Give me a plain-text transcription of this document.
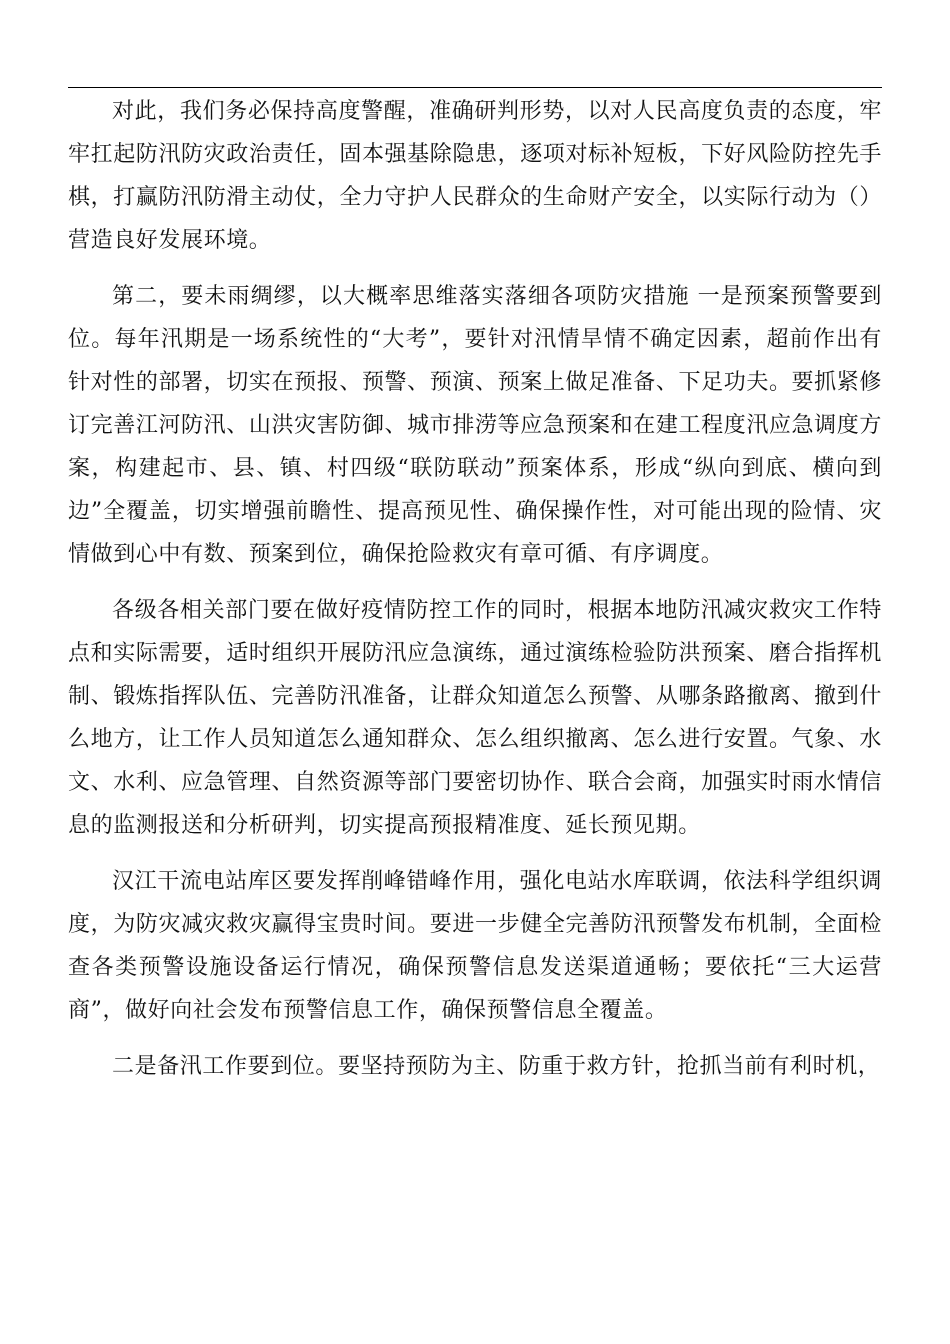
对此，我们务必保持高度警醒，准确研判形势，以对人民高度负责的态度，牢牢扛起防汛防灾政治责任，固本强基除隐患，逐项对标补短板，下好风险防控先手棋，打赢防汛防滑主动仗，全力守护人民群众的生命财产安全，以实际行动为（）营造良好发展环境。

第二，要未雨绸缪，以大概率思维落实落细各项防灾措施 一是预案预警要到位。每年汛期是一场系统性的“大考”，要针对汛情旱情不确定因素，超前作出有针对性的部署，切实在预报、预警、预演、预案上做足准备、下足功夫。要抓紧修订完善江河防汛、山洪灾害防御、城市排涝等应急预案和在建工程度汛应急调度方案，构建起市、县、镇、村四级“联防联动”预案体系，形成“纵向到底、横向到边”全覆盖，切实增强前瞻性、提高预见性、确保操作性，对可能出现的险情、灾情做到心中有数、预案到位，确保抢险救灾有章可循、有序调度。

各级各相关部门要在做好疫情防控工作的同时，根据本地防汛减灾救灾工作特点和实际需要，适时组织开展防汛应急演练，通过演练检验防洪预案、磨合指挥机制、锻炼指挥队伍、完善防汛准备，让群众知道怎么预警、从哪条路撤离、撤到什么地方，让工作人员知道怎么通知群众、怎么组织撤离、怎么进行安置。气象、水文、水利、应急管理、自然资源等部门要密切协作、联合会商，加强实时雨水情信息的监测报送和分析研判，切实提高预报精准度、延长预见期。

汉江干流电站库区要发挥削峰错峰作用，强化电站水库联调，依法科学组织调度，为防灾减灾救灾赢得宝贵时间。要进一步健全完善防汛预警发布机制，全面检查各类预警设施设备运行情况，确保预警信息发送渠道通畅；要依托“三大运营商”，做好向社会发布预警信息工作，确保预警信息全覆盖。

二是备汛工作要到位。要坚持预防为主、防重于救方针，抢抓当前有利时机，
